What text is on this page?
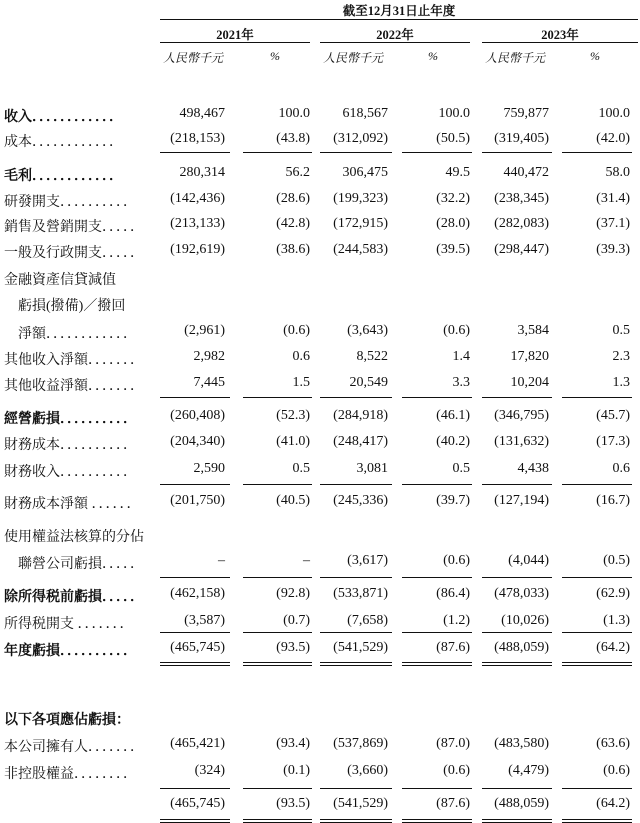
截至12月31日止年度
2021年	2022年	2023年
人民幣千元	%	人民幣千元	%	人民幣千元	%
收入．．．．．．．．．．．．	498,467	100.0	618,567	100.0	759,877	100.0
成本．．．．．．．．．．．．	(218,153)	(43.8)	(312,092)	(50.5)	(319,405)	(42.0)
毛利．．．．．．．．．．．．	280,314	56.2	306,475	49.5	440,472	58.0
研發開支．．．．．．．．．．	(142,436)	(28.6)	(199,323)	(32.2)	(238,345)	(31.4)
銷售及營銷開支．．．．．	(213,133)	(42.8)	(172,915)	(28.0)	(282,083)	(37.1)
一般及行政開支．．．．．	(192,619)	(38.6)	(244,583)	(39.5)	(298,447)	(39.3)
金融資產信貸減值
虧損(撥備)／撥回
淨額．．．．．．．．．．．．	(2,961)	(0.6)	(3,643)	(0.6)	3,584	0.5
其他收入淨額．．．．．．．	2,982	0.6	8,522	1.4	17,820	2.3
其他收益淨額．．．．．．．	7,445	1.5	20,549	3.3	10,204	1.3
經營虧損．．．．．．．．．．	(260,408)	(52.3)	(284,918)	(46.1)	(346,795)	(45.7)
財務成本．．．．．．．．．．	(204,340)	(41.0)	(248,417)	(40.2)	(131,632)	(17.3)
財務收入．．．．．．．．．．	2,590	0.5	3,081	0.5	4,438	0.6
財務成本淨額 ．．．．．．	(201,750)	(40.5)	(245,336)	(39.7)	(127,194)	(16.7)
使用權益法核算的分佔
聯營公司虧損．．．．．	–	–	(3,617)	(0.6)	(4,044)	(0.5)
除所得税前虧損．．．．．	(462,158)	(92.8)	(533,871)	(86.4)	(478,033)	(62.9)
所得税開支 ．．．．．．．	(3,587)	(0.7)	(7,658)	(1.2)	(10,026)	(1.3)
年度虧損．．．．．．．．．．	(465,745)	(93.5)	(541,529)	(87.6)	(488,059)	(64.2)
以下各項應佔虧損：
本公司擁有人．．．．．．．	(465,421)	(93.4)	(537,869)	(87.0)	(483,580)	(63.6)
非控股權益．．．．．．．．	(324)	(0.1)	(3,660)	(0.6)	(4,479)	(0.6)
(465,745)	(93.5)	(541,529)	(87.6)	(488,059)	(64.2)
